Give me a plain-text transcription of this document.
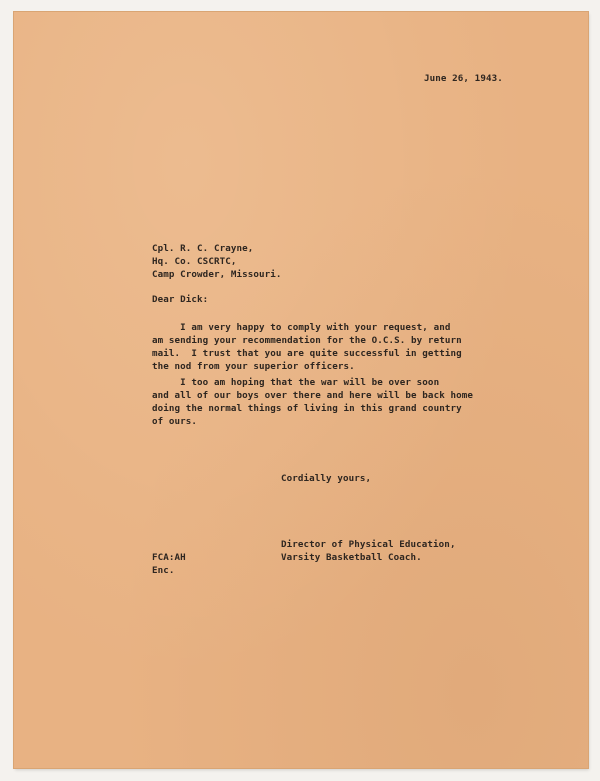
June 26, 1943.
Cpl. R. C. Crayne,
Hq. Co. CSCRTC,
Camp Crowder, Missouri.
Dear Dick:
I am very happy to comply with your request, and
am sending your recommendation for the O.C.S. by return
mail.  I trust that you are quite successful in getting
the nod from your superior officers.
I too am hoping that the war will be over soon
and all of our boys over there and here will be back home
doing the normal things of living in this grand country
of ours.
Cordially yours,
Director of Physical Education,
Varsity Basketball Coach.
FCA:AH
Enc.
